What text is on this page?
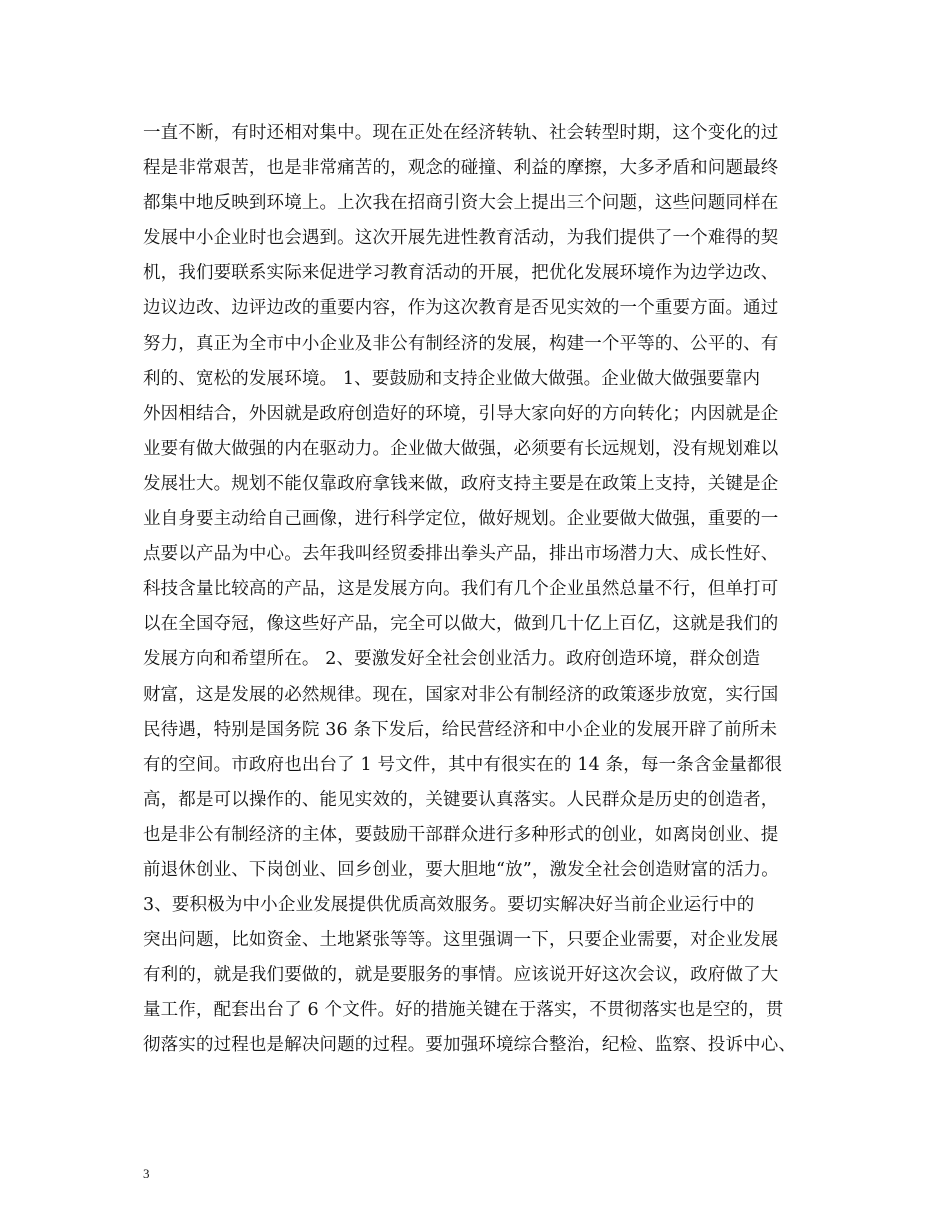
一直不断，有时还相对集中。现在正处在经济转轨、社会转型时期，这个变化的过
程是非常艰苦，也是非常痛苦的，观念的碰撞、利益的摩擦，大多矛盾和问题最终
都集中地反映到环境上。上次我在招商引资大会上提出三个问题，这些问题同样在
发展中小企业时也会遇到。这次开展先进性教育活动，为我们提供了一个难得的契
机，我们要联系实际来促进学习教育活动的开展，把优化发展环境作为边学边改、
边议边改、边评边改的重要内容，作为这次教育是否见实效的一个重要方面。通过
努力，真正为全市中小企业及非公有制经济的发展，构建一个平等的、公平的、有
利的、宽松的发展环境。 1、要鼓励和支持企业做大做强。企业做大做强要靠内
外因相结合，外因就是政府创造好的环境，引导大家向好的方向转化；内因就是企
业要有做大做强的内在驱动力。企业做大做强，必须要有长远规划，没有规划难以
发展壮大。规划不能仅靠政府拿钱来做，政府支持主要是在政策上支持，关键是企
业自身要主动给自己画像，进行科学定位，做好规划。企业要做大做强，重要的一
点要以产品为中心。去年我叫经贸委排出拳头产品，排出市场潜力大、成长性好、
科技含量比较高的产品，这是发展方向。我们有几个企业虽然总量不行，但单打可
以在全国夺冠，像这些好产品，完全可以做大，做到几十亿上百亿，这就是我们的
发展方向和希望所在。 2、要激发好全社会创业活力。政府创造环境，群众创造
财富，这是发展的必然规律。现在，国家对非公有制经济的政策逐步放宽，实行国
民待遇，特别是国务院 36 条下发后，给民营经济和中小企业的发展开辟了前所未
有的空间。市政府也出台了 1 号文件，其中有很实在的 14 条，每一条含金量都很
高，都是可以操作的、能见实效的，关键要认真落实。人民群众是历史的创造者，
也是非公有制经济的主体，要鼓励干部群众进行多种形式的创业，如离岗创业、提
前退休创业、下岗创业、回乡创业，要大胆地“放”，激发全社会创造财富的活力。
3、要积极为中小企业发展提供优质高效服务。要切实解决好当前企业运行中的
突出问题，比如资金、土地紧张等等。这里强调一下，只要企业需要，对企业发展
有利的，就是我们要做的，就是要服务的事情。应该说开好这次会议，政府做了大
量工作，配套出台了 6 个文件。好的措施关键在于落实，不贯彻落实也是空的，贯
彻落实的过程也是解决问题的过程。要加强环境综合整治，纪检、监察、投诉中心、
3
